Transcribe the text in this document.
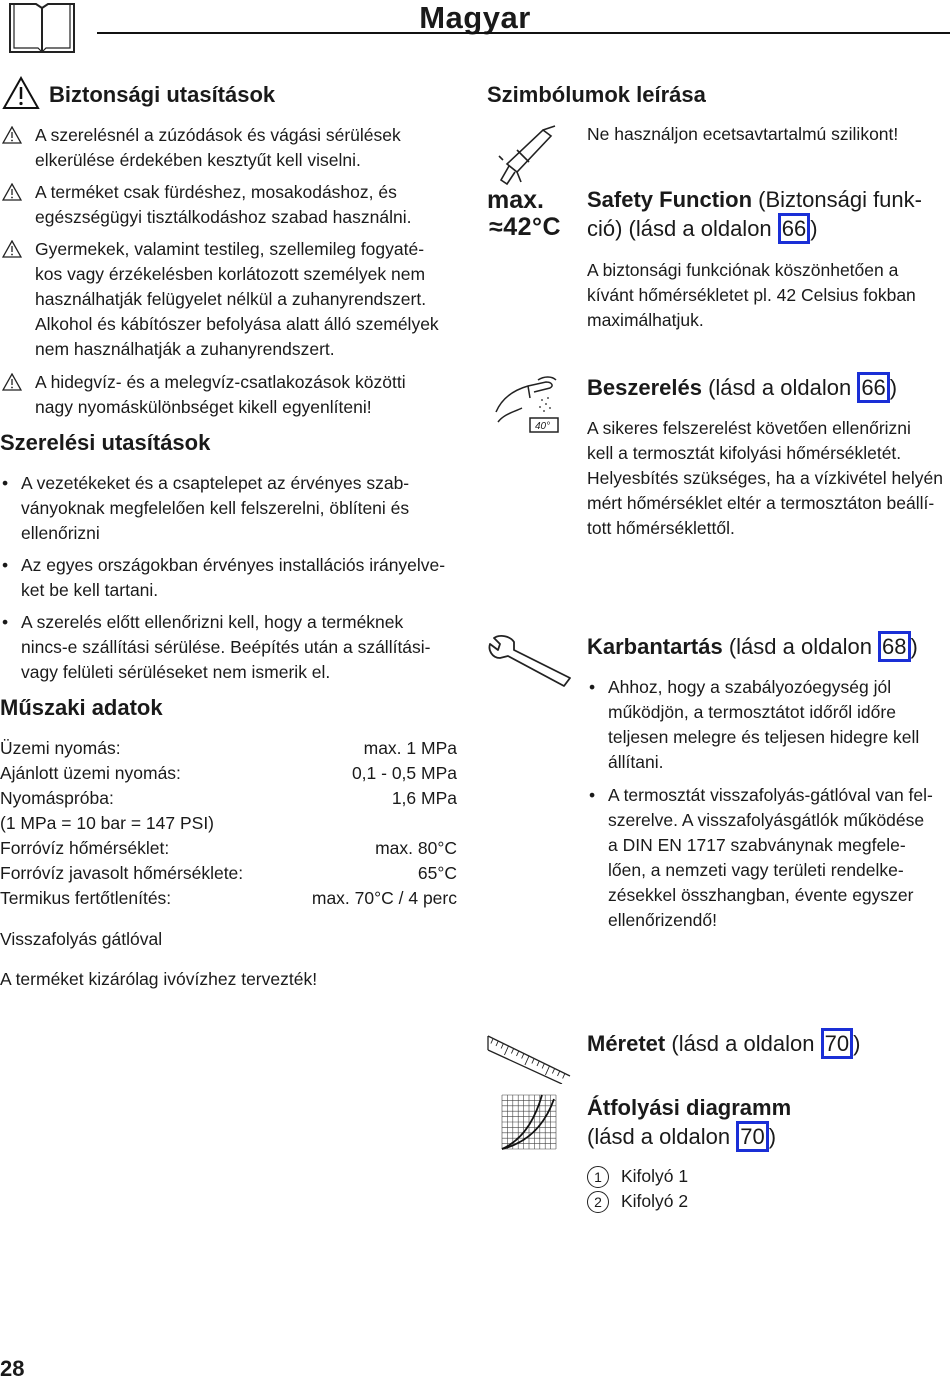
Magyar
Biztonsági utasítások
A szerelésnél a zúzódások és vágási sérülések
elkerülése érdekében kesztyűt kell viselni.
A terméket csak fürdéshez, mosakodáshoz, és
egészségügyi tisztálkodáshoz szabad használni.
Gyermekek, valamint testileg, szellemileg fogyaté-
kos vagy érzékelésben korlátozott személyek nem
használhatják felügyelet nélkül a zuhanyrendszert.
Alkohol és kábítószer befolyása alatt álló személyek
nem használhatják a zuhanyrendszert.
A hidegvíz- és a melegvíz-csatlakozások közötti
nagy nyomáskülönbséget kikell egyenlíteni!
Szerelési utasítások
• A vezetékeket és a csaptelepet az érvényes szab-
ványoknak megfelelően kell felszerelni, öblíteni és
ellenőrizni
• Az egyes országokban érvényes installációs irányelve-
ket be kell tartani.
• A szerelés előtt ellenőrizni kell, hogy a terméknek
nincs-e szállítási sérülése. Beépítés után a szállítási-
vagy felületi sérüléseket nem ismerik el.
Műszaki adatok
Üzemi nyomás:	max. 1 MPa
Ajánlott üzemi nyomás:	0,1 - 0,5 MPa
Nyomáspróba:	1,6 MPa
(1 MPa = 10 bar = 147 PSI)
Forróvíz hőmérséklet:	max. 80°C
Forróvíz javasolt hőmérséklete:	65°C
Termikus fertőtlenítés:	max. 70°C / 4 perc
Visszafolyás gátlóval
A terméket kizárólag ivóvízhez tervezték!
Szimbólumok leírása
Ne használjon ecetsavtartalmú szilikont!
max.
≈42°C
Safety Function (Biztonsági funk-
ció) (lásd a oldalon 66 )
A biztonsági funkciónak köszönhetően a
kívánt hőmérsékletet pl. 42 Celsius fokban
maximálhatjuk.
40°
Beszerelés (lásd a oldalon 66 )
A sikeres felszerelést követően ellenőrizni
kell a termosztát kifolyási hőmérsékletét.
Helyesbítés szükséges, ha a vízkivétel helyén
mért hőmérséklet eltér a termosztáton beállí-
tott hőmérséklettől.
Karbantartás (lásd a oldalon 68 )
• Ahhoz, hogy a szabályozóegység jól
működjön, a termosztátot időről időre
teljesen melegre és teljesen hidegre kell
állítani.
• A termosztát visszafolyás-gátlóval van fel-
szerelve. A visszafolyásgátlók működése
a DIN EN 1717 szabványnak megfele-
lően, a nemzeti vagy területi rendelke-
zésekkel összhangban, évente egyszer
ellenőrizendő!
Méretet (lásd a oldalon 70 )
Átfolyási diagramm
(lásd a oldalon 70 )
1 Kifolyó 1
2 Kifolyó 2
28
